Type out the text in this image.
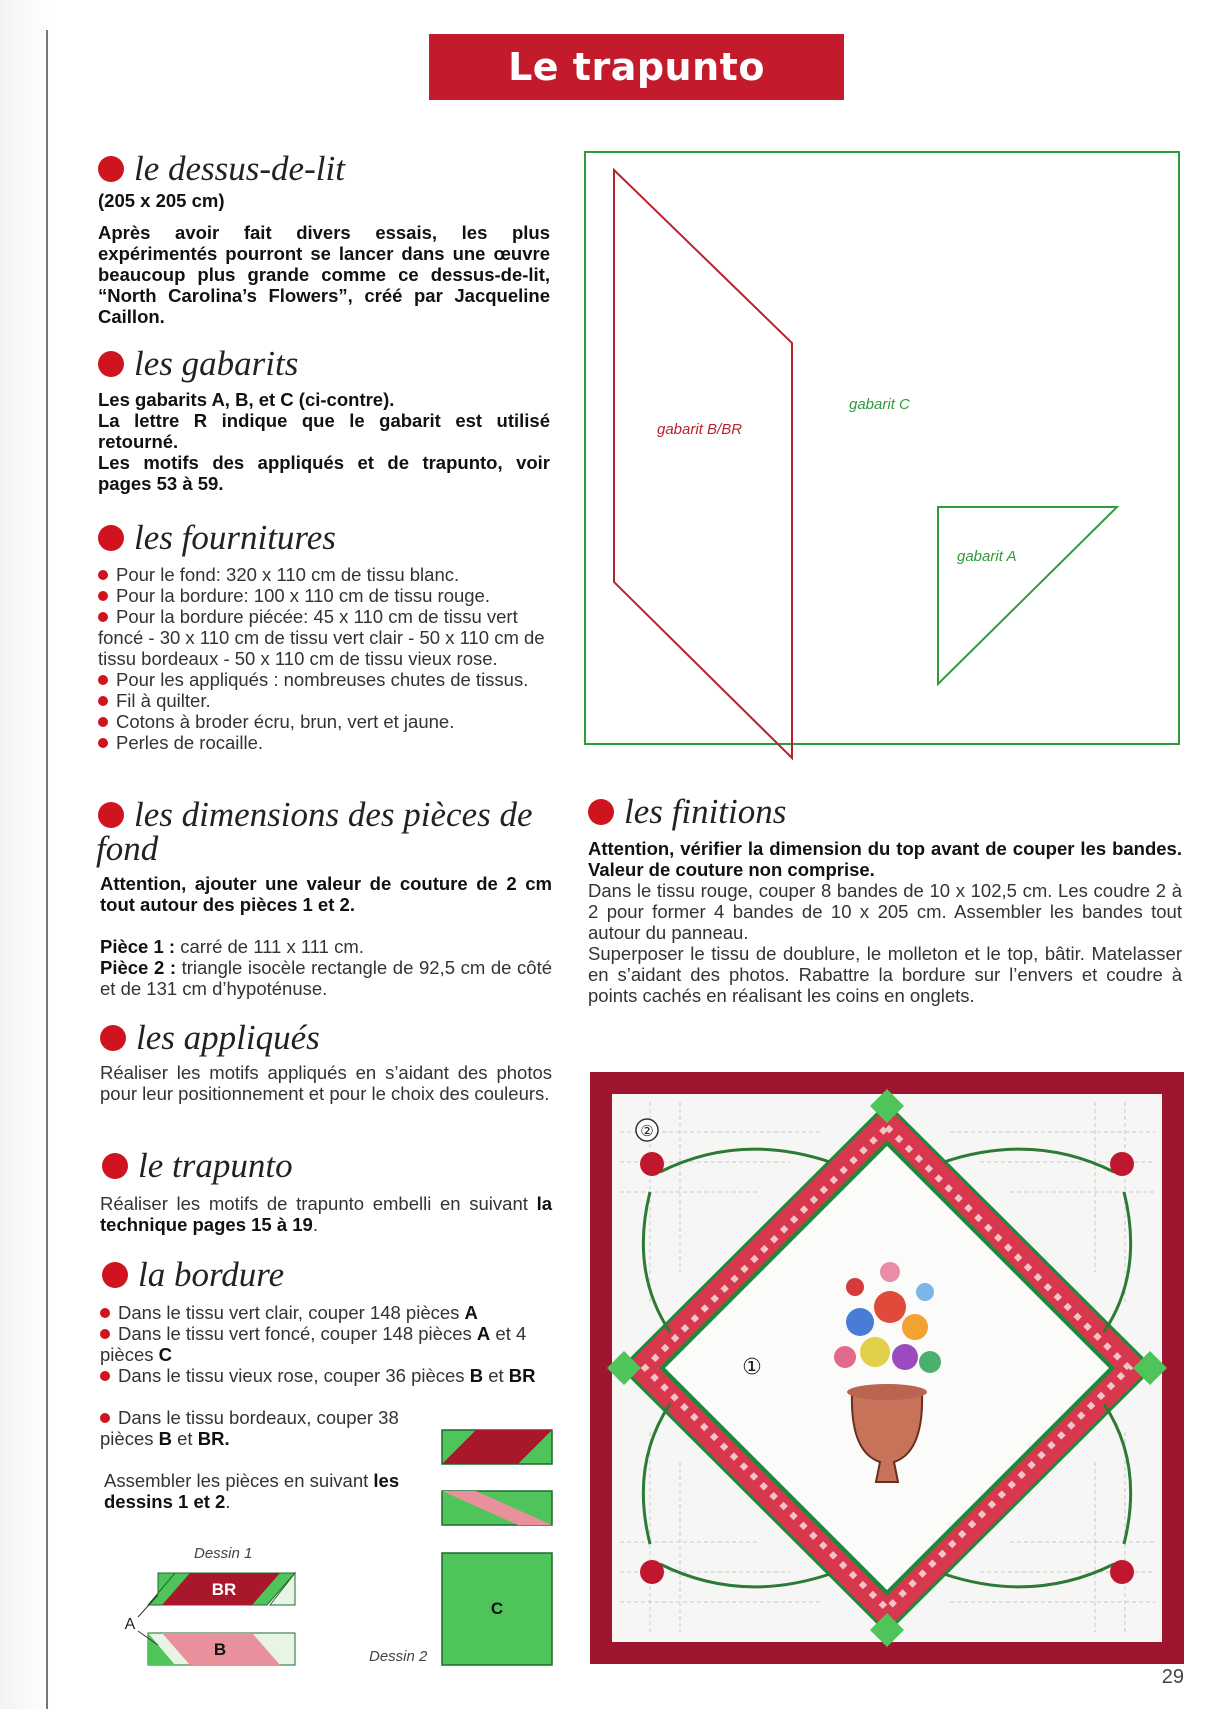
Le trapunto embelli
le dessus-de-lit
(205 x 205 cm)
Après avoir fait divers essais, les plus expérimentés pourront se lancer dans une œuvre beaucoup plus grande comme ce dessus-de-lit, “North Carolina’s Flowers”, créé par Jacqueline Caillon.
les gabarits
Les gabarits A, B, et C (ci-contre).
La lettre R indique que le gabarit est utilisé retourné.
Les motifs des appliqués et de trapunto, voir pages 53 à 59.
les fournitures
Pour le fond: 320 x 110 cm de tissu blanc.
Pour la bordure: 100 x 110 cm de tissu rouge.
Pour la bordure piécée: 45 x 110 cm de tissu vert foncé - 30 x 110 cm de tissu vert clair - 50 x 110 cm de tissu bordeaux - 50 x 110 cm de tissu vieux rose.
Pour les appliqués : nombreuses chutes de tissus.
Fil à quilter.
Cotons à broder écru, brun, vert et jaune.
Perles de rocaille.
les dimensions des pièces de
fond
Attention, ajouter une valeur de couture de 2 cm tout autour des pièces 1 et 2.
Pièce 1 : carré de 111 x 111 cm.
Pièce 2 : triangle isocèle rectangle de 92,5 cm de côté et de 131 cm d’hypoténuse.
les appliqués
Réaliser les motifs appliqués en s’aidant des photos pour leur positionnement et pour le choix des couleurs.
le trapunto
Réaliser les motifs de trapunto embelli en suivant la technique pages 15 à 19.
la bordure
Dans le tissu vert clair, couper 148 pièces A
Dans le tissu vert foncé, couper 148 pièces A et 4 pièces C
Dans le tissu vieux rose, couper 36 pièces B et BR
Dans le tissu bordeaux, couper 38 pièces B et BR.
Assembler les pièces en suivant les dessins 1 et 2.
gabarit B/BR
gabarit C
gabarit A
les finitions
Attention, vérifier la dimension du top avant de couper les bandes. Valeur de couture non comprise.
Dans le tissu rouge, couper 8 bandes de 10 x 102,5 cm. Les coudre 2 à 2 pour former 4 bandes de 10 x 205 cm. Assembler les bandes tout autour du panneau.
Superposer le tissu de doublure, le molleton et le top, bâtir. Matelasser en s’aidant des photos. Rabattre la bordure sur l’envers et coudre à points cachés en réalisant les coins en onglets.
②
①
C
Dessin 2
Dessin 1
BR
B
A
29
